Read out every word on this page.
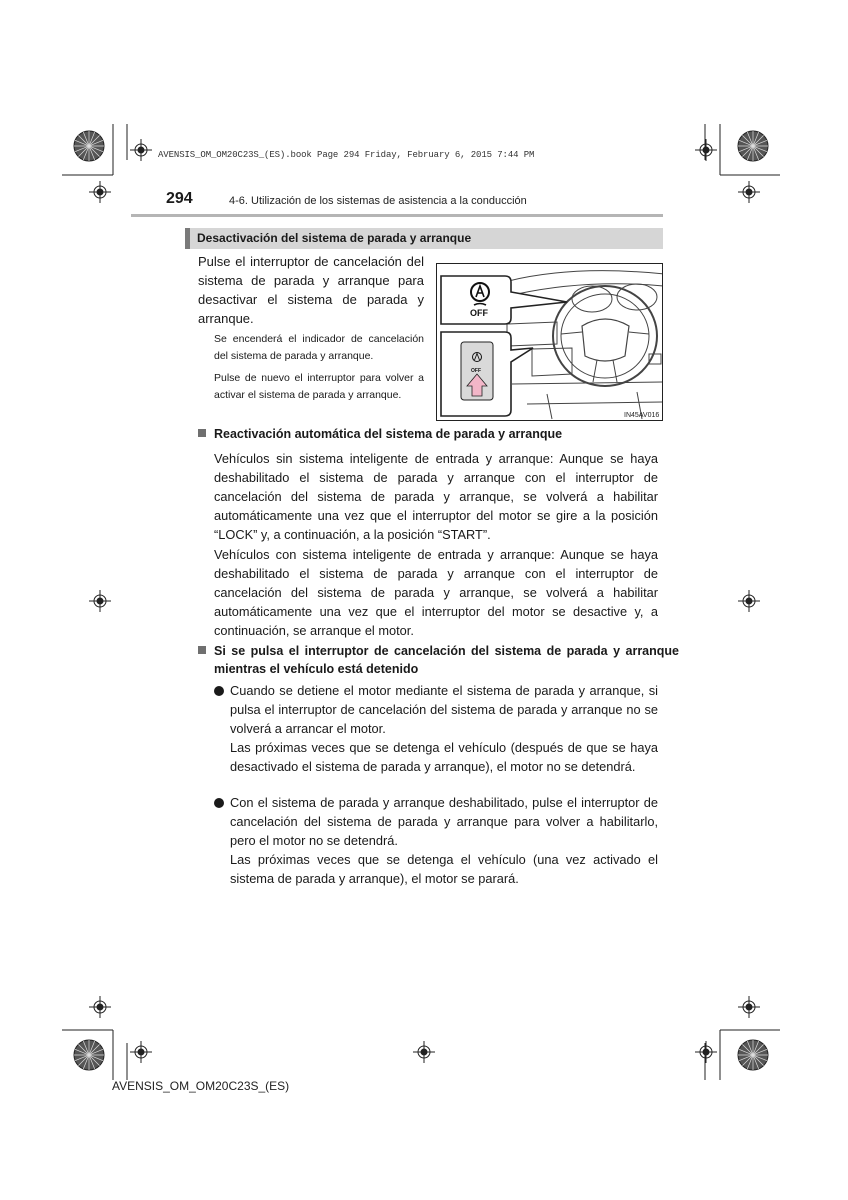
AVENSIS_OM_OM20C23S_(ES).book Page 294 Friday, February 6, 2015 7:44 PM
294	4-6. Utilización de los sistemas de asistencia a la conducción
Desactivación del sistema de parada y arranque
Pulse el interruptor de cancelación del sistema de parada y arranque para desactivar el sistema de parada y arranque.
Se encenderá el indicador de cancelación del sistema de parada y arranque.
Pulse de nuevo el interruptor para volver a activar el sistema de parada y arranque.
OFF
OFF
IN45AV016
Reactivación automática del sistema de parada y arranque
Vehículos sin sistema inteligente de entrada y arranque: Aunque se haya deshabilitado el sistema de parada y arranque con el interruptor de cancelación del sistema de parada y arranque, se volverá a habilitar automáticamente una vez que el interruptor del motor se gire a la posición “LOCK” y, a continuación, a la posición “START”.
Vehículos con sistema inteligente de entrada y arranque: Aunque se haya deshabilitado el sistema de parada y arranque con el interruptor de cancelación del sistema de parada y arranque, se volverá a habilitar automáticamente una vez que el interruptor del motor se desactive y, a continuación, se arranque el motor.
Si se pulsa el interruptor de cancelación del sistema de parada y arranque mientras el vehículo está detenido
Cuando se detiene el motor mediante el sistema de parada y arranque, si pulsa el interruptor de cancelación del sistema de parada y arranque no se volverá a arrancar el motor.
Las próximas veces que se detenga el vehículo (después de que se haya desactivado el sistema de parada y arranque), el motor no se detendrá.
Con el sistema de parada y arranque deshabilitado, pulse el interruptor de cancelación del sistema de parada y arranque para volver a habilitarlo, pero el motor no se detendrá.
Las próximas veces que se detenga el vehículo (una vez activado el sistema de parada y arranque), el motor se parará.
AVENSIS_OM_OM20C23S_(ES)
